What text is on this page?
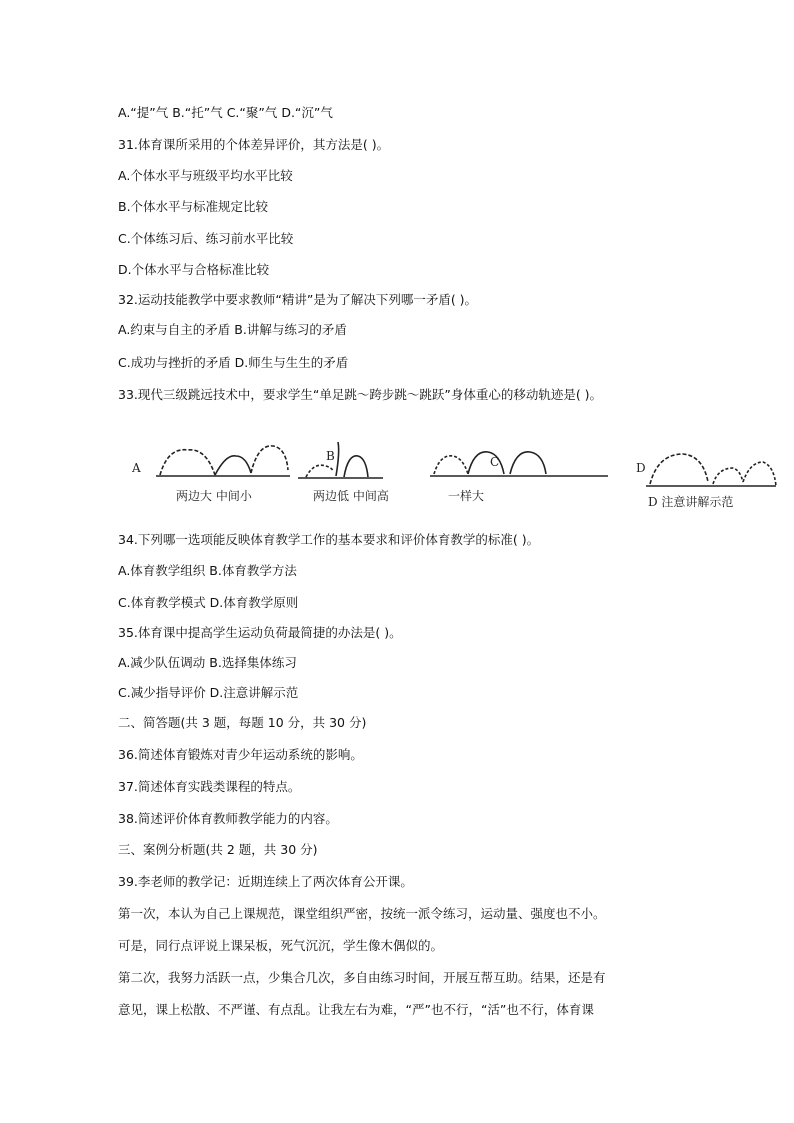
A.“提”气 B.“托”气 C.“聚”气 D.“沉”气
31.体育课所采用的个体差异评价，其方法是( )。
A.个体水平与班级平均水平比较
B.个体水平与标准规定比较
C.个体练习后、练习前水平比较
D.个体水平与合格标准比较
32.运动技能教学中要求教师“精讲”是为了解决下列哪一矛盾( )。
A.约束与自主的矛盾 B.讲解与练习的矛盾
C.成功与挫折的矛盾 D.师生与生生的矛盾
33.现代三级跳远技术中，要求学生“单足跳～跨步跳～跳跃”身体重心的移动轨迹是( )。
A
B	C	D
两边大 中间小	两边低 中间高	一样大	D 注意讲解示范
34.下列哪一选项能反映体育教学工作的基本要求和评价体育教学的标准( )。
A.体育教学组织 B.体育教学方法
C.体育教学模式 D.体育教学原则
35.体育课中提高学生运动负荷最简捷的办法是( )。
A.减少队伍调动 B.选择集体练习
C.减少指导评价 D.注意讲解示范
二、简答题(共 3 题，每题 10 分，共 30 分)
36.简述体育锻炼对青少年运动系统的影响。
37.简述体育实践类课程的特点。
38.简述评价体育教师教学能力的内容。
三、案例分析题(共 2 题，共 30 分)
39.李老师的教学记：近期连续上了两次体育公开课。
第一次，本认为自己上课规范，课堂组织严密，按统一派令练习，运动量、强度也不小。
可是，同行点评说上课呆板，死气沉沉，学生像木偶似的。
第二次，我努力活跃一点，少集合几次，多自由练习时间，开展互帮互助。结果，还是有
意见，课上松散、不严谨、有点乱。让我左右为难，“严”也不行，“活”也不行，体育课
